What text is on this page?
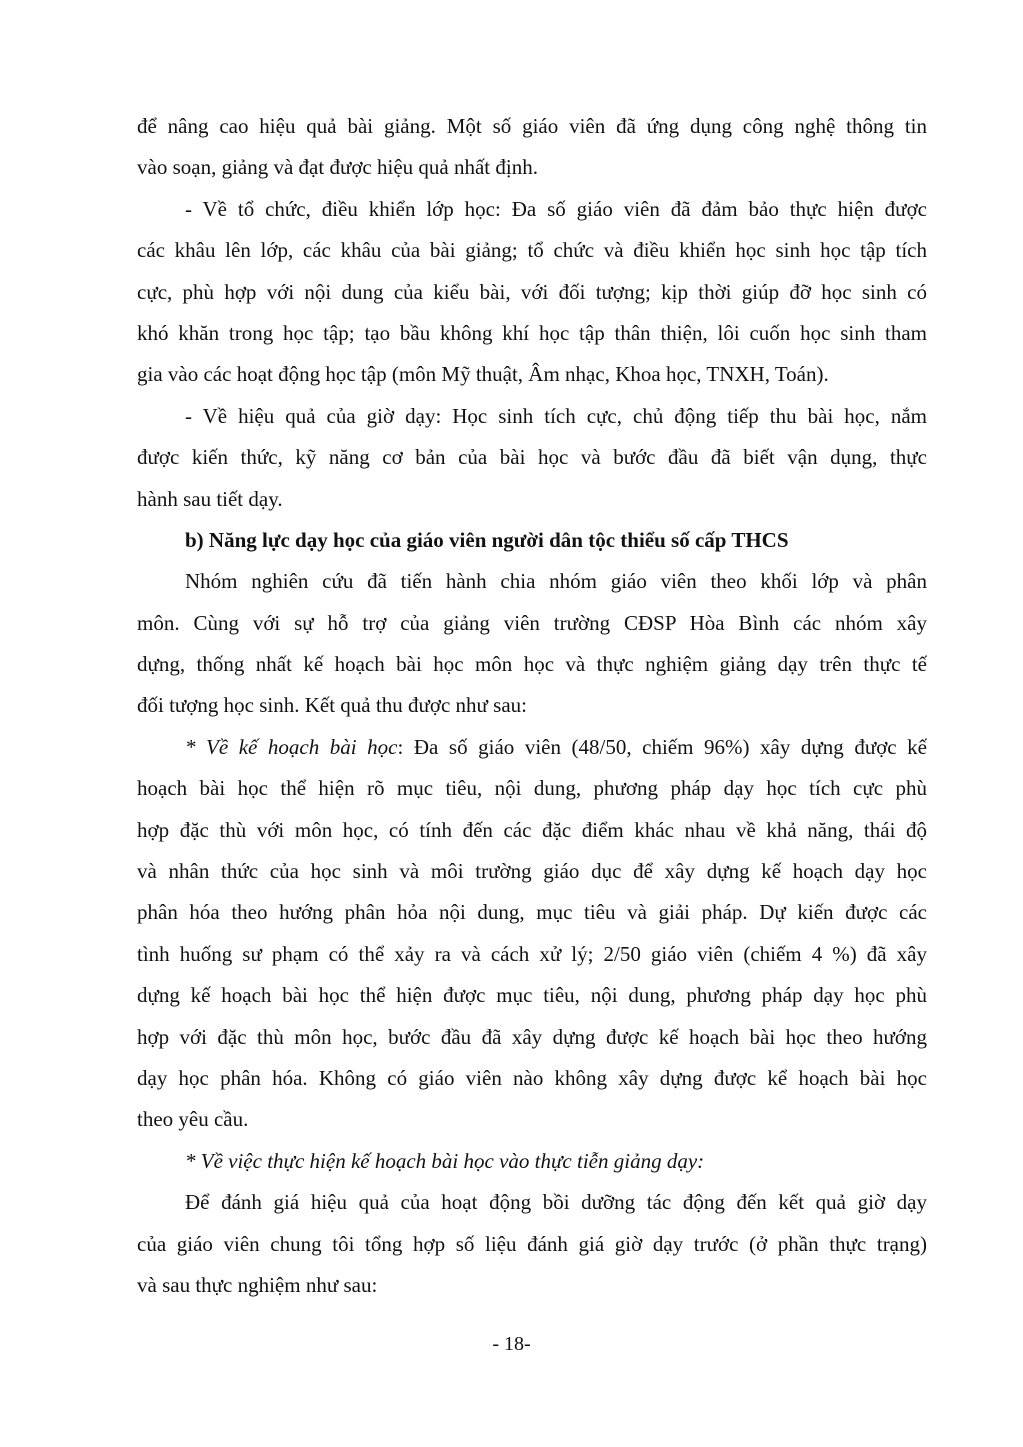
để nâng cao hiệu quả bài giảng. Một số giáo viên đã ứng dụng công nghệ thông tin

vào soạn, giảng và đạt được hiệu quả nhất định.

- Về tổ chức, điều khiển lớp học: Đa số giáo viên đã đảm bảo thực hiện được

các khâu lên lớp, các khâu của bài giảng; tổ chức và điều khiển học sinh học tập tích

cực, phù hợp với nội dung của kiểu bài, với đối tượng; kịp thời giúp đỡ học sinh có

khó khăn trong học tập; tạo bầu không khí học tập thân thiện, lôi cuốn học sinh tham

gia vào các hoạt động học tập (môn Mỹ thuật, Âm nhạc, Khoa học, TNXH, Toán).

- Về hiệu quả của giờ dạy: Học sinh tích cực, chủ động tiếp thu bài học, nắm

được kiến thức, kỹ năng cơ bản của bài học và bước đầu đã biết vận dụng, thực

hành sau tiết dạy.

b) Năng lực dạy học của giáo viên người dân tộc thiểu số cấp THCS

Nhóm nghiên cứu đã tiến hành chia nhóm giáo viên theo khối lớp và phân

môn. Cùng với sự hỗ trợ của giảng viên trường CĐSP Hòa Bình các nhóm xây

dựng, thống nhất kế hoạch bài học môn học và thực nghiệm giảng dạy trên thực tế

đối tượng học sinh. Kết quả thu được như sau:

* Về kế hoạch bài học: Đa số giáo viên (48/50, chiếm 96%) xây dựng được kế

hoạch bài học thể hiện rõ mục tiêu, nội dung, phương pháp dạy học tích cực phù

hợp đặc thù với môn học, có tính đến các đặc điểm khác nhau về khả năng, thái độ

và nhân thức của học sinh và môi trường giáo dục để xây dựng kế hoạch dạy học

phân hóa theo hướng phân hỏa nội dung, mục tiêu và giải pháp. Dự kiến được các

tình huống sư phạm có thể xảy ra và cách xử lý; 2/50 giáo viên (chiếm 4 %) đã xây

dựng kế hoạch bài học thể hiện được mục tiêu, nội dung, phương pháp dạy học phù

hợp với đặc thù môn học, bước đầu đã xây dựng được kế hoạch bài học theo hướng

dạy học phân hóa. Không có giáo viên nào không xây dựng được kể hoạch bài học

theo yêu cầu.

* Về việc thực hiện kế hoạch bài học vào thực tiễn giảng dạy:

Để đánh giá hiệu quả của hoạt động bồi dưỡng tác động đến kết quả giờ dạy

của giáo viên chung tôi tổng hợp số liệu đánh giá giờ dạy trước (ở phần thực trạng)

và sau thực nghiệm như sau:

- 18-
